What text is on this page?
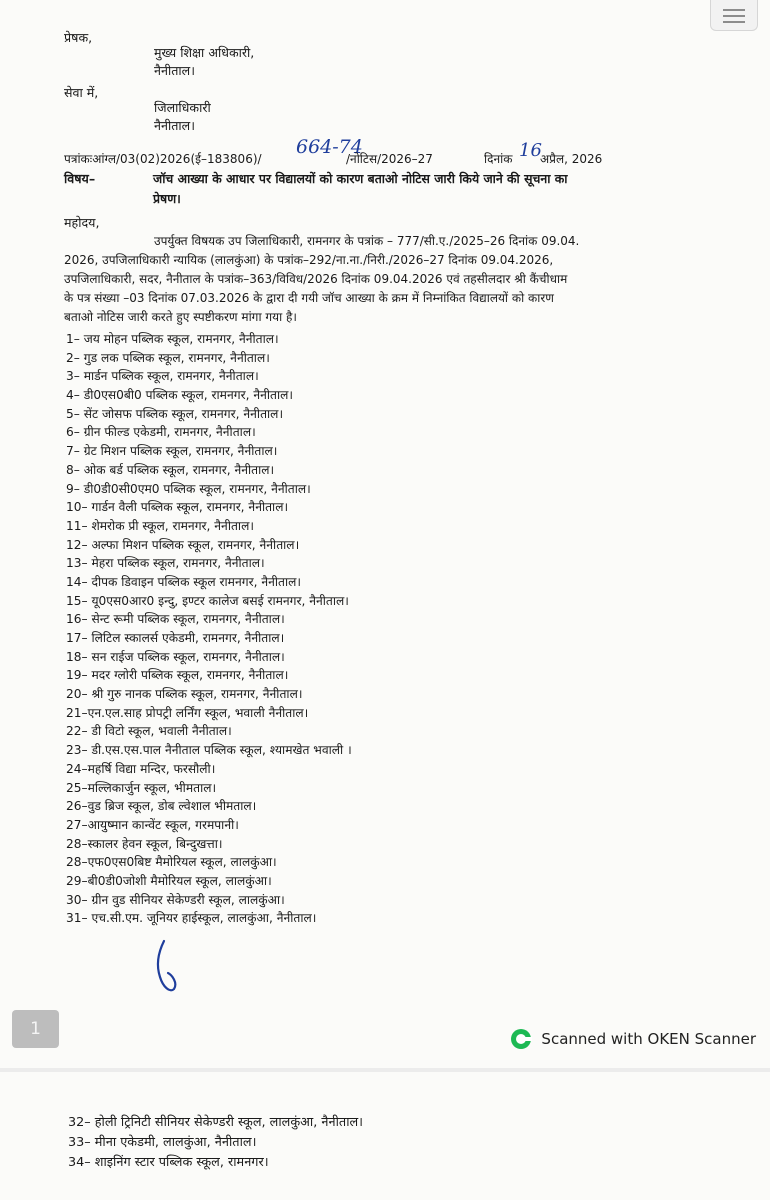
प्रेषक,
मुख्य शिक्षा अधिकारी,
नैनीताल।
सेवा में,
जिलाधिकारी
नैनीताल।
पत्रांकःआंग्ल/03(02)2026(ई–183806)/
664-74
/नोटिस/2026–27	दिनांक 16
अप्रैल, 2026
विषय–	जॉच आख्या के आधार पर विद्यालयों को कारण बताओ नोटिस जारी किये जाने की सूचना का
प्रेषण।
महोदय,
उपर्युक्त विषयक उप जिलाधिकारी, रामनगर के पत्रांक – 777/सी.ए./2025–26 दिनांक 09.04.
2026, उपजिलाधिकारी न्यायिक (लालकुंआ) के पत्रांक–292/ना.ना./निरी./2026–27 दिनांक 09.04.2026,
उपजिलाधिकारी, सदर, नैनीताल के पत्रांक–363/विविध/2026 दिनांक 09.04.2026 एवं तहसीलदार श्री कैंचीधाम
के पत्र संख्या –03 दिनांक 07.03.2026 के द्वारा दी गयी जॉच आख्या के क्रम में निम्नांकित विद्यालयों को कारण
बताओ नोटिस जारी करते हुए स्पष्टीकरण मांगा गया है।
1– जय मोहन पब्लिक स्कूल, रामनगर, नैनीताल।
2– गुड लक पब्लिक स्कूल, रामनगर, नैनीताल।
3– मार्डन पब्लिक स्कूल, रामनगर, नैनीताल।
4– डी0एस0बी0 पब्लिक स्कूल, रामनगर, नैनीताल।
5– सेंट जोसफ पब्लिक स्कूल, रामनगर, नैनीताल।
6– ग्रीन फील्ड एकेडमी, रामनगर, नैनीताल।
7– ग्रेट मिशन पब्लिक स्कूल, रामनगर, नैनीताल।
8– ओक बर्ड पब्लिक स्कूल, रामनगर, नैनीताल।
9– डी0डी0सी0एम0 पब्लिक स्कूल, रामनगर, नैनीताल।
10– गार्डन वैली पब्लिक स्कूल, रामनगर, नैनीताल।
11– शेमरोक प्री स्कूल, रामनगर, नैनीताल।
12– अल्फा मिशन पब्लिक स्कूल, रामनगर, नैनीताल।
13– मेहरा पब्लिक स्कूल, रामनगर, नैनीताल।
14– दीपक डिवाइन पब्लिक स्कूल रामनगर, नैनीताल।
15– यू0एस0आर0 इन्दु, इण्टर कालेज बसई रामनगर, नैनीताल।
16– सेन्ट रूमी पब्लिक स्कूल, रामनगर, नैनीताल।
17– लिटिल स्कालर्स एकेडमी, रामनगर, नैनीताल।
18– सन राईज पब्लिक स्कूल, रामनगर, नैनीताल।
19– मदर ग्लोरी पब्लिक स्कूल, रामनगर, नैनीताल।
20– श्री गुरु नानक पब्लिक स्कूल, रामनगर, नैनीताल।
21–एन.एल.साह प्रोपट्री लर्निंग स्कूल, भवाली नैनीताल।
22– डी विटो स्कूल, भवाली नैनीताल।
23– डी.एस.एस.पाल नैनीताल पब्लिक स्कूल, श्यामखेत भवाली ।
24–महर्षि विद्या मन्दिर, फरसौली।
25–मल्लिकार्जुन स्कूल, भीमताल।
26–वुड ब्रिज स्कूल, डोब ल्वेशाल भीमताल।
27–आयुष्मान कान्वेंट स्कूल, गरमपानी।
28–स्कालर हेवन स्कूल, बिन्दुखत्ता।
28–एफ0एस0बिष्ट मैमोरियल स्कूल, लालकुंआ।
29–बी0डी0जोशी मैमोरियल स्कूल, लालकुंआ।
30– ग्रीन वुड सीनियर सेकेण्डरी स्कूल, लालकुंआ।
31– एच.सी.एम. जूनियर हाईस्कूल, लालकुंआ, नैनीताल।
1	Scanned with OKEN Scanner
32– होली ट्रिनिटी सीनियर सेकेण्डरी स्कूल, लालकुंआ, नैनीताल।
33– मीना एकेडमी, लालकुंआ, नैनीताल।
34– शाइनिंग स्टार पब्लिक स्कूल, रामनगर।
